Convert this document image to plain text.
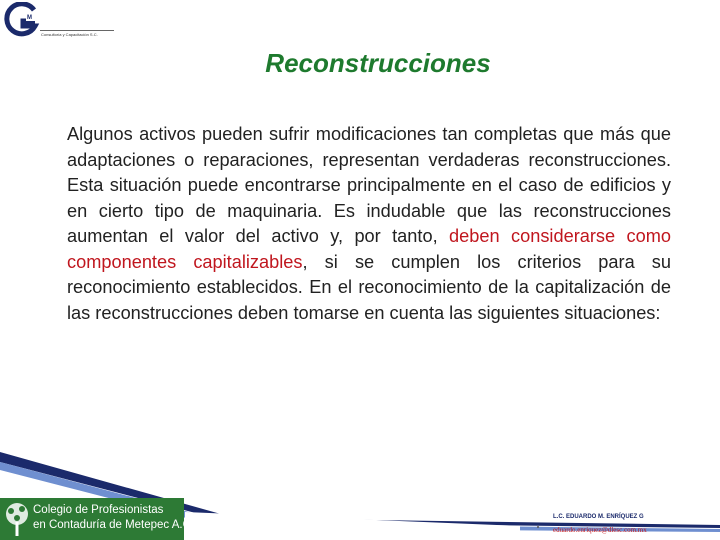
M
Consultoría y Capacitación S.C.
Reconstrucciones

Algunos activos pueden sufrir modificaciones tan completas que más que adaptaciones o reparaciones, representan verdaderas reconstrucciones. Esta situación puede encontrarse principalmente en el caso de edificios y en cierto tipo de maquinaria. Es indudable que las reconstrucciones aumentan el valor del activo y, por tanto, deben considerarse como componentes capitalizables, si se cumplen los criterios para su reconocimiento establecidos. En el reconocimiento de la capitalización de las reconstrucciones deben tomarse en cuenta las siguientes situaciones:

Colegio de Profesionistas
en Contaduría de Metepec A.C.
L.C. EDUARDO M. ENRÍQUEZ G
eduardo.enriquez@dlesc.com.mx
